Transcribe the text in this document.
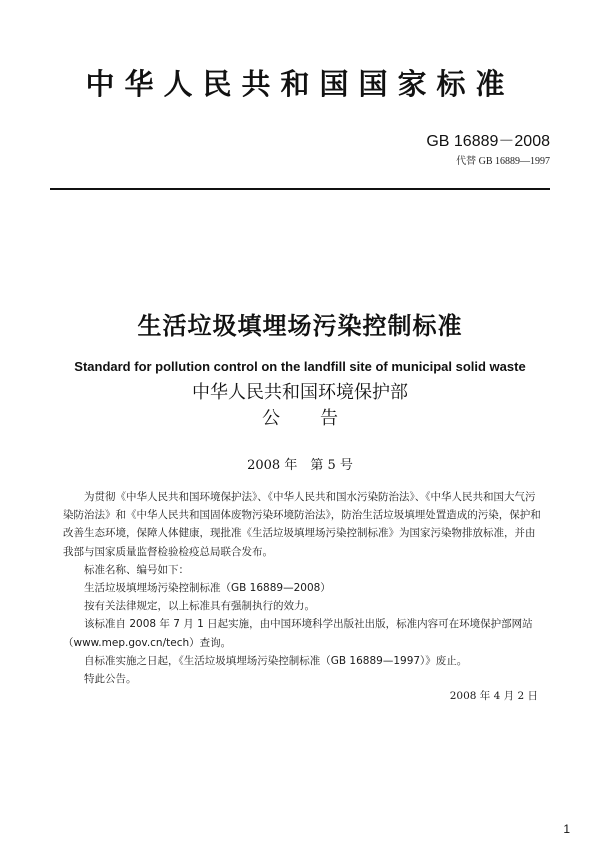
中华人民共和国国家标准
GB 16889－2008
代替 GB 16889—1997
生活垃圾填埋场污染控制标准
Standard for pollution control on the landfill site of municipal solid waste
中华人民共和国环境保护部
公告
2008 年　第 5 号

为贯彻《中华人民共和国环境保护法》、《中华人民共和国水污染防治法》、《中华人民共和国大气污染防治法》和《中华人民共和国固体废物污染环境防治法》，防治生活垃圾填埋处置造成的污染，保护和改善生态环境，保障人体健康，现批准《生活垃圾填埋场污染控制标准》为国家污染物排放标准，并由我部与国家质量监督检验检疫总局联合发布。

标准名称、编号如下：

生活垃圾填埋场污染控制标准（GB 16889—2008）

按有关法律规定，以上标准具有强制执行的效力。

该标准自 2008 年 7 月 1 日起实施，由中国环境科学出版社出版，标准内容可在环境保护部网站（www.mep.gov.cn/tech）查询。

自标准实施之日起，《生活垃圾填埋场污染控制标准（GB 16889—1997）》废止。

特此公告。

2008 年 4 月 2 日
1
